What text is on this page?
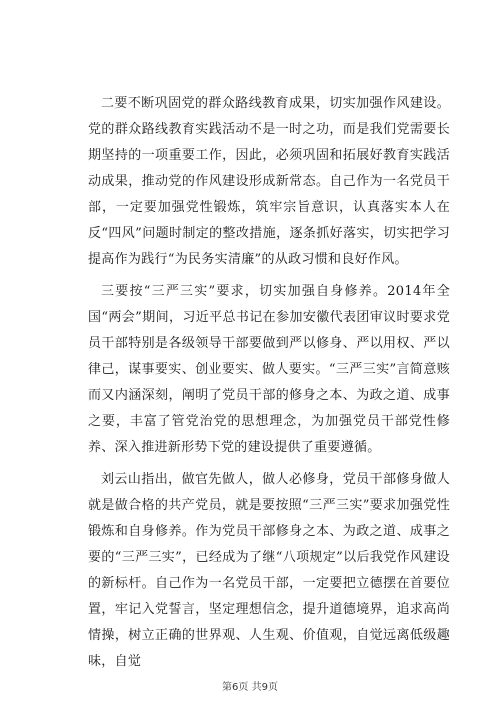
二要不断巩固党的群众路线教育成果，切实加强作风建设。党的群众路线教育实践活动不是一时之功，而是我们党需要长期坚持的一项重要工作，因此，必须巩固和拓展好教育实践活动成果，推动党的作风建设形成新常态。自己作为一名党员干部，一定要加强党性锻炼，筑牢宗旨意识，认真落实本人在反“四风”问题时制定的整改措施，逐条抓好落实，切实把学习提高作为践行“为民务实清廉”的从政习惯和良好作风。

三要按“三严三实”要求，切实加强自身修养。2014年全国“两会”期间，习近平总书记在参加安徽代表团审议时要求党员干部特别是各级领导干部要做到严以修身、严以用权、严以律己，谋事要实、创业要实、做人要实。“三严三实”言简意赅而又内涵深刻，阐明了党员干部的修身之本、为政之道、成事之要，丰富了管党治党的思想理念，为加强党员干部党性修养、深入推进新形势下党的建设提供了重要遵循。

刘云山指出，做官先做人，做人必修身，党员干部修身做人就是做合格的共产党员，就是要按照“三严三实”要求加强党性锻炼和自身修养。作为党员干部修身之本、为政之道、成事之要的“三严三实”，已经成为了继“八项规定”以后我党作风建设的新标杆。自己作为一名党员干部，一定要把立德摆在首要位置，牢记入党誓言，坚定理想信念，提升道德境界，追求高尚情操，树立正确的世界观、人生观、价值观，自觉远离低级趣味，自觉

第6页 共9页
